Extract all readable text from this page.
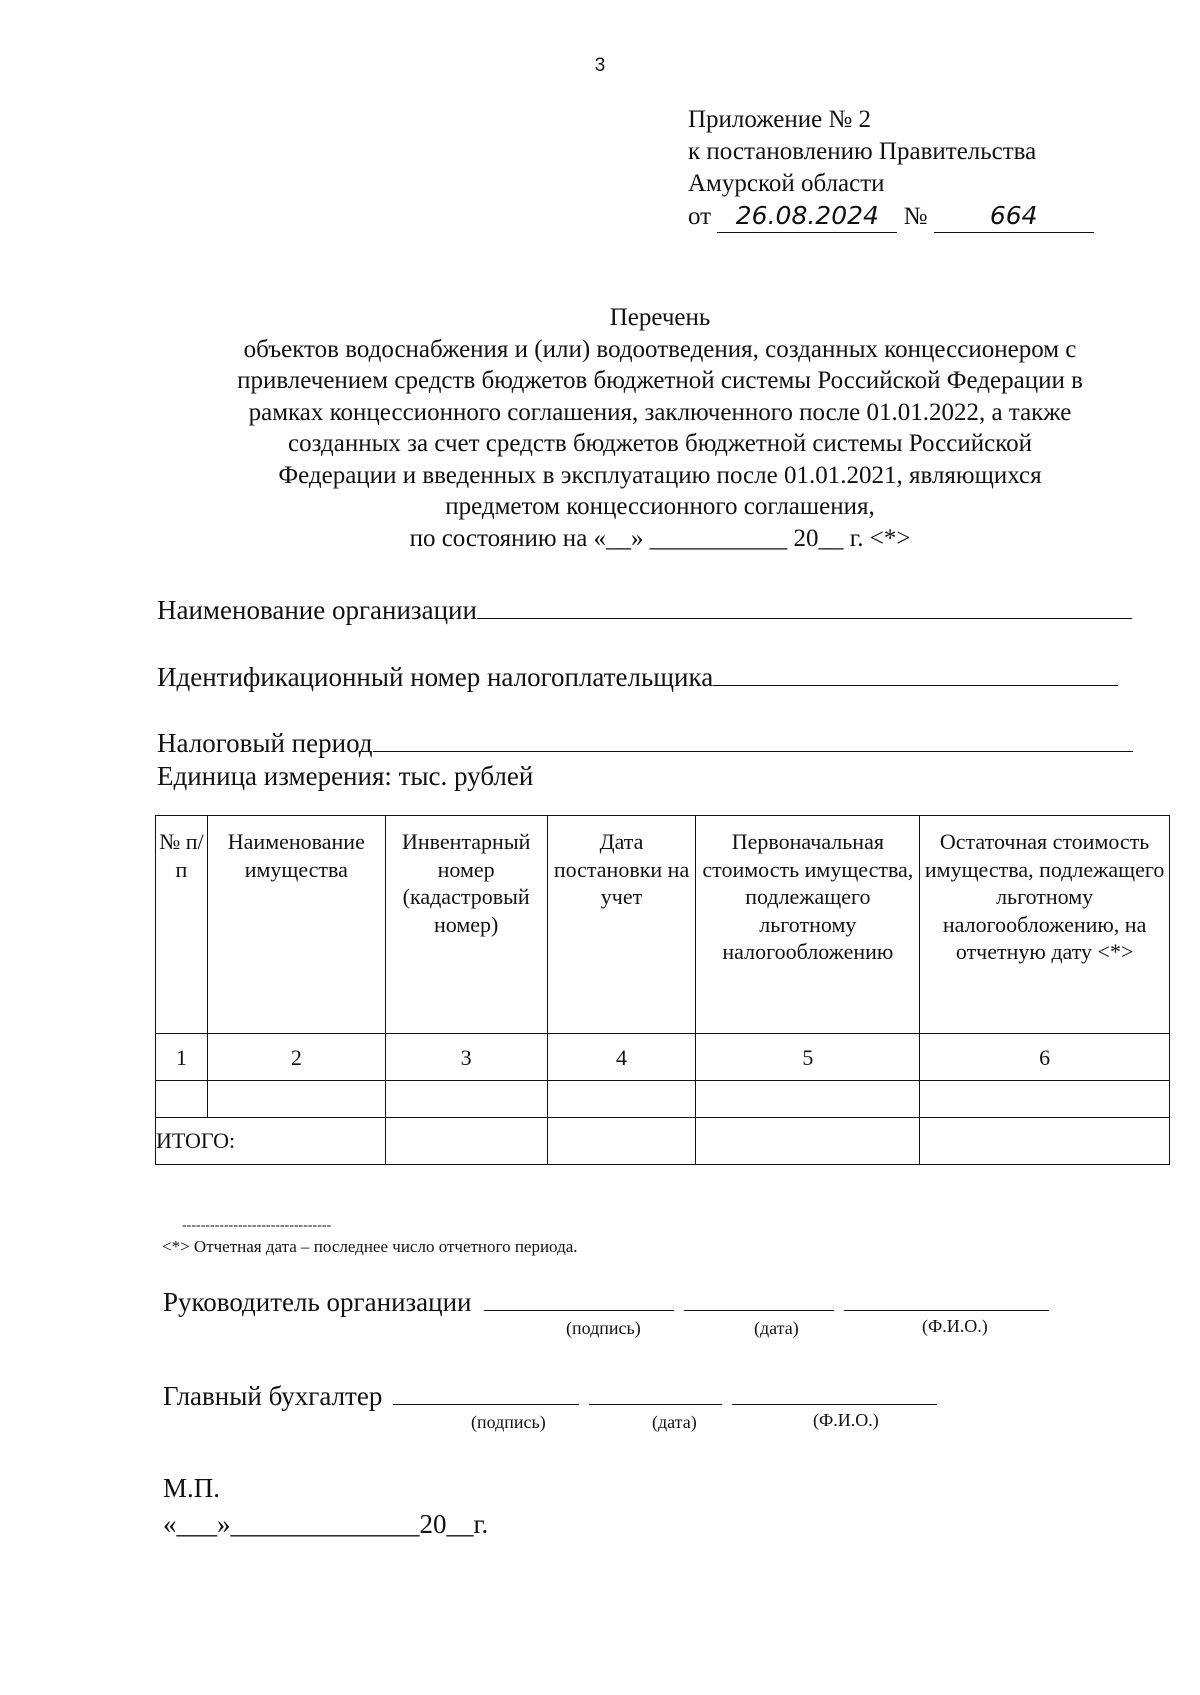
3
Приложение № 2
к постановлению Правительства
Амурской области
от 26.08.2024 № 664
Перечень
объектов водоснабжения и (или) водоотведения, созданных концессионером с
привлечением средств бюджетов бюджетной системы Российской Федерации в
рамках концессионного соглашения, заключенного после 01.01.2022, а также
созданных за счет средств бюджетов бюджетной системы Российской
Федерации и введенных в эксплуатацию после 01.01.2021, являющихся
предметом концессионного соглашения,
по состоянию на «__» ___________ 20__ г. <*>
Наименование организации
Идентификационный номер налогоплательщика
Налоговый период
Единица измерения: тыс. рублей
№ п/п	Наименование имущества	Инвентарный номер (кадастровый номер)	Дата постановки на учет	Первоначальная стоимость имущества, подлежащего льготному налогообложению	Остаточная стоимость имущества, подлежащего льготному налогообложению, на отчетную дату <*>
1	2	3	4	5	6

ИТОГО:					
--------------------------------
<*> Отчетная дата – последнее число отчетного периода.
Руководитель организации
(подпись)	(дата)	(Ф.И.О.)
Главный бухгалтер
(подпись)	(дата)	(Ф.И.О.)
М.П.
«___»______________20__г.
